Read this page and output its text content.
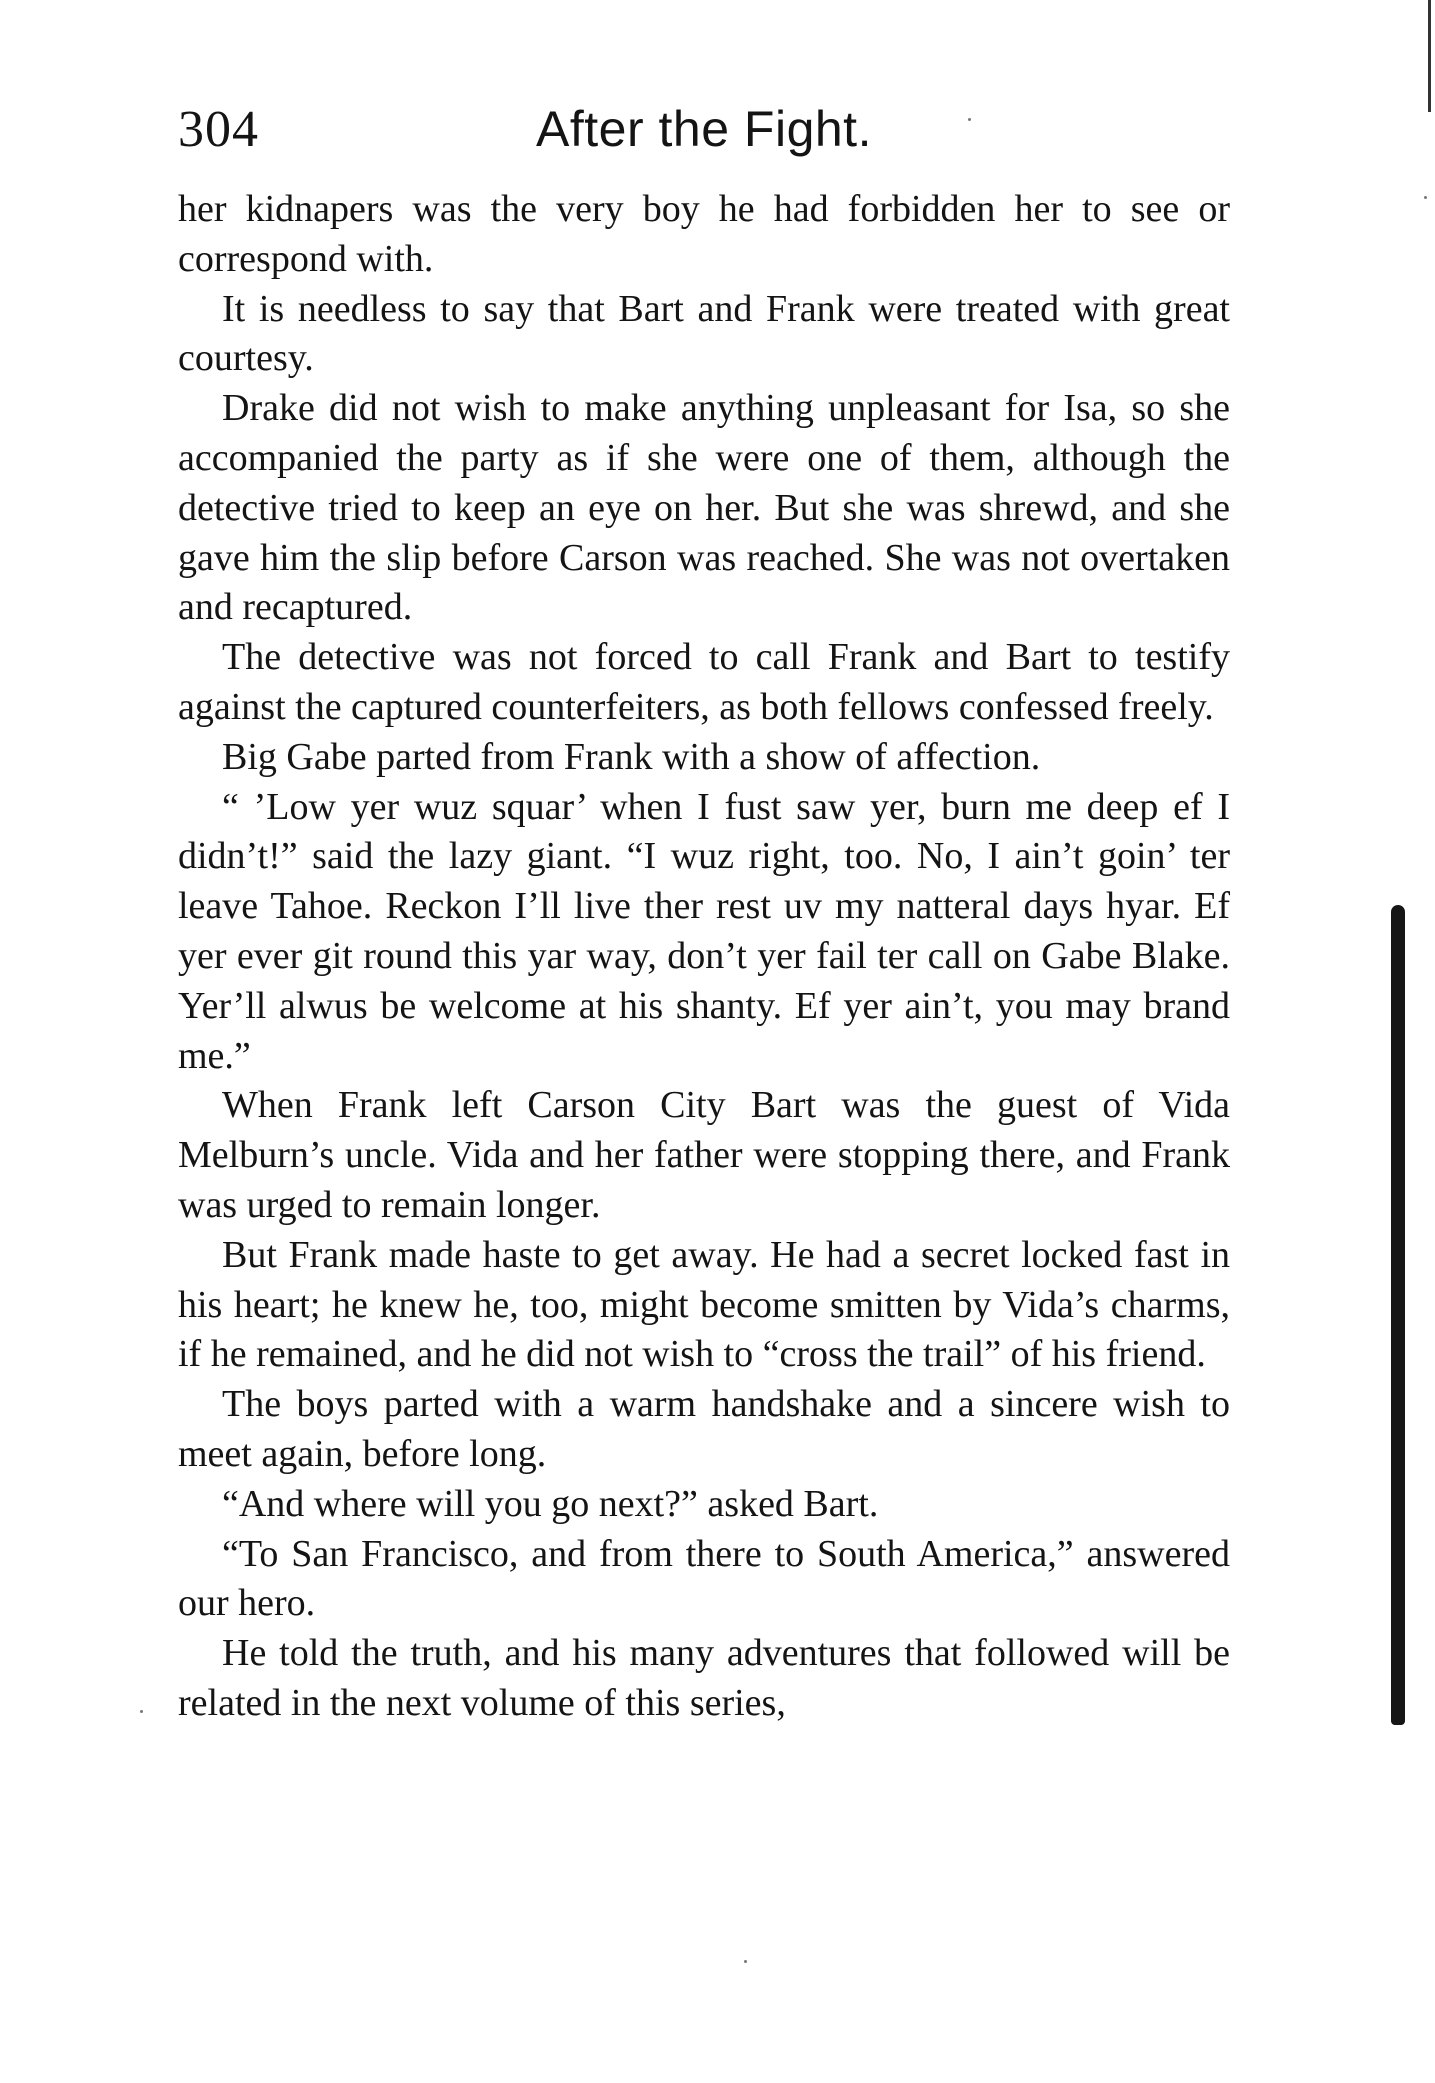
304	After the Fight.

her kidnapers was the very boy he had forbidden her to see or correspond with.

It is needless to say that Bart and Frank were treated with great courtesy.

Drake did not wish to make anything unpleasant for Isa, so she accompanied the party as if she were one of them, although the detective tried to keep an eye on her. But she was shrewd, and she gave him the slip before Carson was reached. She was not overtaken and recaptured.

The detective was not forced to call Frank and Bart to testify against the captured counterfeiters, as both fellows confessed freely.

Big Gabe parted from Frank with a show of affection.

“ ’Low yer wuz squar’ when I fust saw yer, burn me deep ef I didn’t!” said the lazy giant. “I wuz right, too. No, I ain’t goin’ ter leave Tahoe. Reckon I’ll live ther rest uv my natteral days hyar. Ef yer ever git round this yar way, don’t yer fail ter call on Gabe Blake. Yer’ll alwus be welcome at his shanty. Ef yer ain’t, you may brand me.”

When Frank left Carson City Bart was the guest of Vida Melburn’s uncle. Vida and her father were stopping there, and Frank was urged to remain longer.

But Frank made haste to get away. He had a secret locked fast in his heart; he knew he, too, might become smitten by Vida’s charms, if he remained, and he did not wish to “cross the trail” of his friend.

The boys parted with a warm handshake and a sincere wish to meet again, before long.

“And where will you go next?” asked Bart.

“To San Francisco, and from there to South America,” answered our hero.

He told the truth, and his many adventures that followed will be related in the next volume of this series,
